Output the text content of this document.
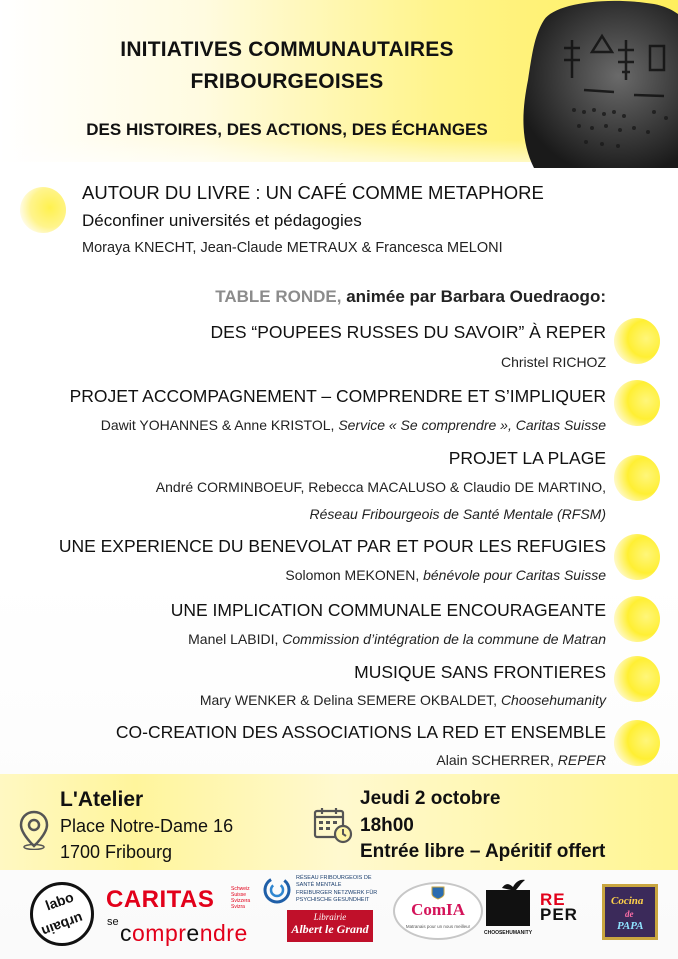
INITIATIVES COMMUNAUTAIRES
FRIBOURGEOISES
DES HISTOIRES, DES ACTIONS, DES ÉCHANGES
AUTOUR DU LIVRE : UN CAFÉ COMME METAPHORE
Déconfiner universités et pédagogies
Moraya KNECHT, Jean-Claude METRAUX & Francesca MELONI
TABLE RONDE, animée par Barbara Ouedraogo:
DES “POUPEES RUSSES DU SAVOIR” À REPER
Christel RICHOZ
PROJET ACCOMPAGNEMENT – COMPRENDRE ET S’IMPLIQUER
Dawit YOHANNES & Anne KRISTOL, Service « Se comprendre », Caritas Suisse
PROJET LA PLAGE
André CORMINBOEUF, Rebecca MACALUSO & Claudio DE MARTINO,
Réseau Fribourgeois de Santé Mentale (RFSM)
UNE EXPERIENCE DU BENEVOLAT PAR ET POUR LES REFUGIES
Solomon MEKONEN, bénévole pour Caritas Suisse
UNE IMPLICATION COMMUNALE ENCOURAGEANTE
Manel LABIDI, Commission d’intégration de la commune de Matran
MUSIQUE SANS FRONTIERES
Mary WENKER & Delina SEMERE OKBALDET, Choosehumanity
CO-CREATION DES ASSOCIATIONS LA RED ET ENSEMBLE
Alain SCHERRER, REPER
L'Atelier
Place Notre-Dame 16
1700 Fribourg
Jeudi 2 octobre
18h00
Entrée libre – Apéritif offert
labo
urbain
CARITAS	Schweiz Suisse Svizzera Svizra
se comprendre
RÉSEAU FRIBOURGEOIS DE SANTÉ MENTALE
FREIBURGER NETZWERK FÜR PSYCHISCHE GESUNDHEIT
Librairie
Albert le Grand
ComIA
Matranais pour un nous meilleur
CHOOSEHUMANITY
RE
PER
Cocina
de
PAPA
